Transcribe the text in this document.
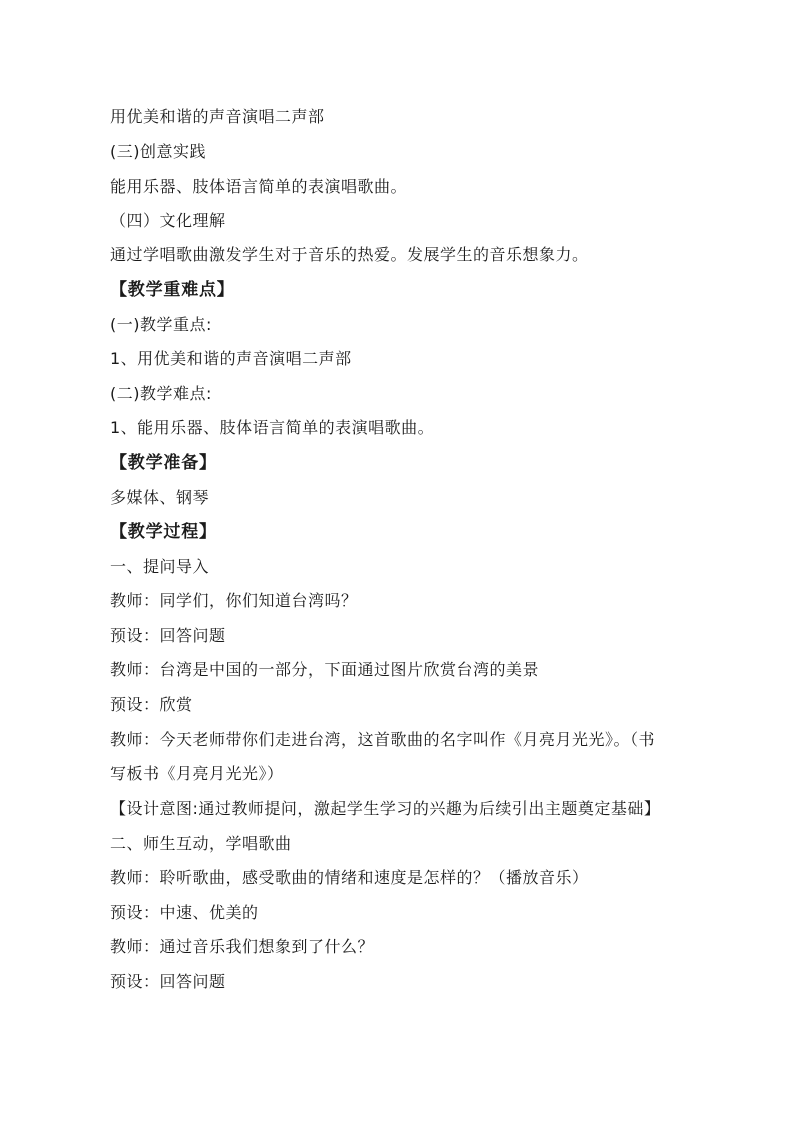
用优美和谐的声音演唱二声部
(三)创意实践
能用乐器、肢体语言简单的表演唱歌曲。
（四）文化理解
通过学唱歌曲激发学生对于音乐的热爱。发展学生的音乐想象力。
【教学重难点】
(一)教学重点:
1、用优美和谐的声音演唱二声部
(二)教学难点:
1、能用乐器、肢体语言简单的表演唱歌曲。
【教学准备】
多媒体、钢琴
【教学过程】
一、提问导入
教师：同学们，你们知道台湾吗？
预设：回答问题
教师：台湾是中国的一部分，下面通过图片欣赏台湾的美景
预设：欣赏
教师：今天老师带你们走进台湾，这首歌曲的名字叫作《月亮月光光》。（书
写板书《月亮月光光》）
【设计意图:通过教师提问，激起学生学习的兴趣为后续引出主题奠定基础】
二、师生互动，学唱歌曲
教师：聆听歌曲，感受歌曲的情绪和速度是怎样的？（播放音乐）
预设：中速、优美的
教师：通过音乐我们想象到了什么？
预设：回答问题
